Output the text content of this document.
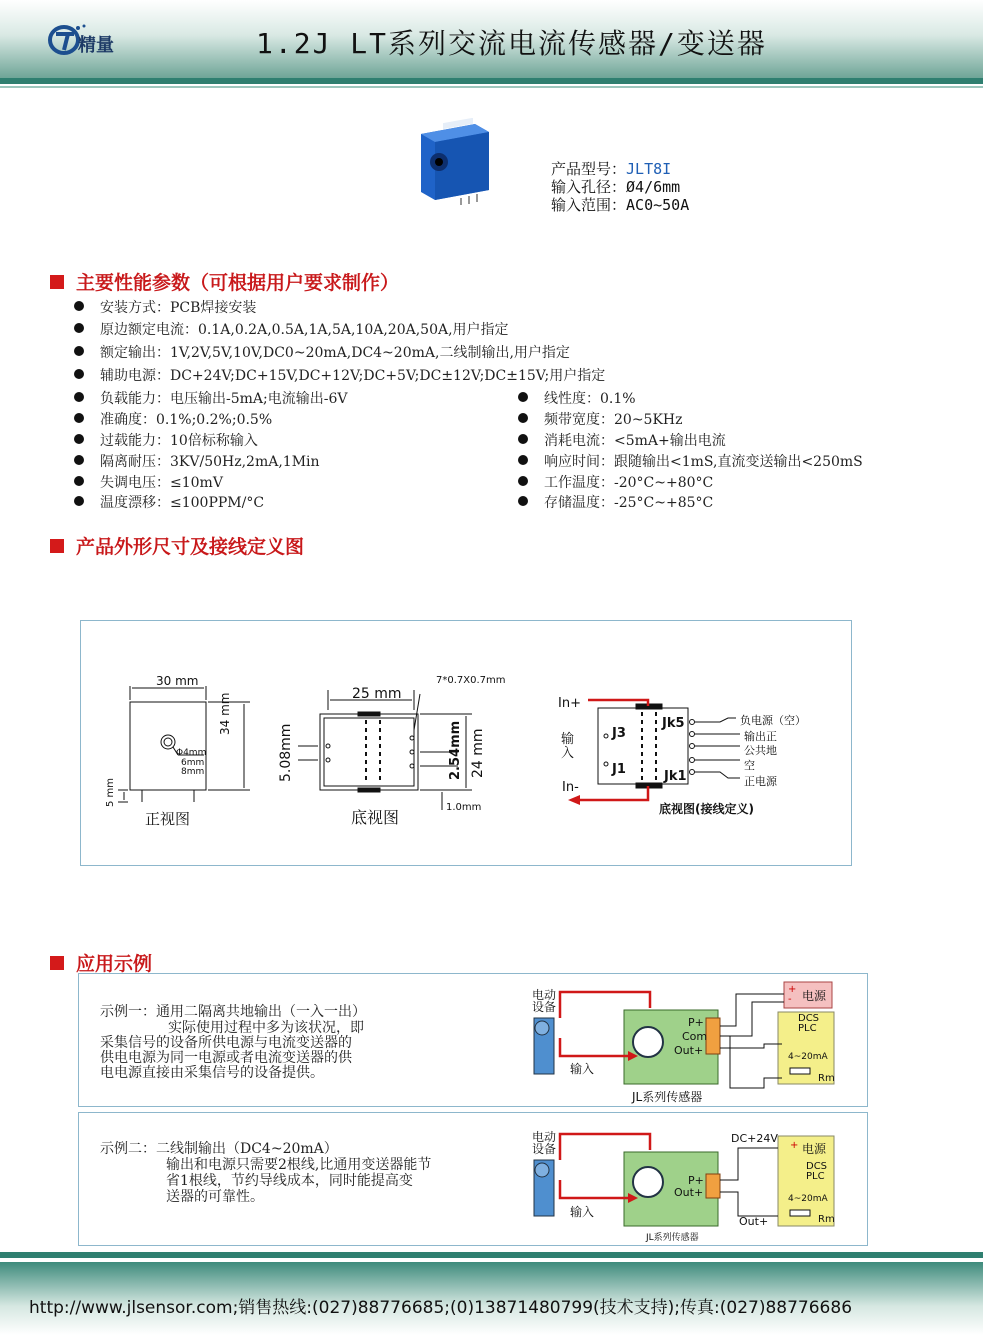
精量	1.2J LT系列交流电流传感器/变送器
产品型号：JLT8I
输入孔径：Ø4/6mm
输入范围：AC0~50A
主要性能参数（可根据用户要求制作）
安装方式：PCB焊接安装
原边额定电流：0.1A,0.2A,0.5A,1A,5A,10A,20A,50A,用户指定
额定输出：1V,2V,5V,10V,DC0~20mA,DC4~20mA,二线制输出,用户指定
辅助电源：DC+24V;DC+15V,DC+12V;DC+5V;DC±12V;DC±15V;用户指定
负载能力：电压输出-5mA;电流输出-6V
准确度：0.1%;0.2%;0.5%
过载能力：10倍标称输入
隔离耐压：3KV/50Hz,2mA,1Min
失调电压：≤10mV
温度漂移：≤100PPM/°C
线性度：0.1%
频带宽度：20~5KHz
消耗电流：<5mA+输出电流
响应时间：跟随输出<1mS,直流变送输出<250mS
工作温度：-20°C~+80°C
存储温度：-25°C~+85°C
产品外形尺寸及接线定义图
30 mm
34 mm
5 mm
Φ4mm
6mm
8mm
正视图
25 mm
24 mm
2.54mm
5.08mm
7*0.7X0.7mm
1.0mm
底视图
In+
In-
输入
J3
J1
Jk5
Jk1
负电源（空）
输出正
公共地
空
正电源
底视图(接线定义)
应用示例
示例一：通用二隔离共地输出（一入一出）
实际使用过程中多为该状况，即
采集信号的设备所供电源与电流变送器的
供电电源为同一电源或者电流变送器的供
电电源直接由采集信号的设备提供。
电动
设备
输入
JL系列传感器
P+
Com
Out+
+
- 电源
DCS
PLC
4~20mA
Rm
示例二：二线制输出（DC4~20mA）
输出和电源只需要2根线,比通用变送器能节
省1根线，节约导线成本，同时能提高变
送器的可靠性。
电动
设备
输入
JL系列传感器
P+
Out+
DC+24V
Out+
+ 电源
DCS
PLC
4~20mA
Rm
http://www.jlsensor.com;销售热线:(027)88776685;(0)13871480799(技术支持);传真:(027)88776686
